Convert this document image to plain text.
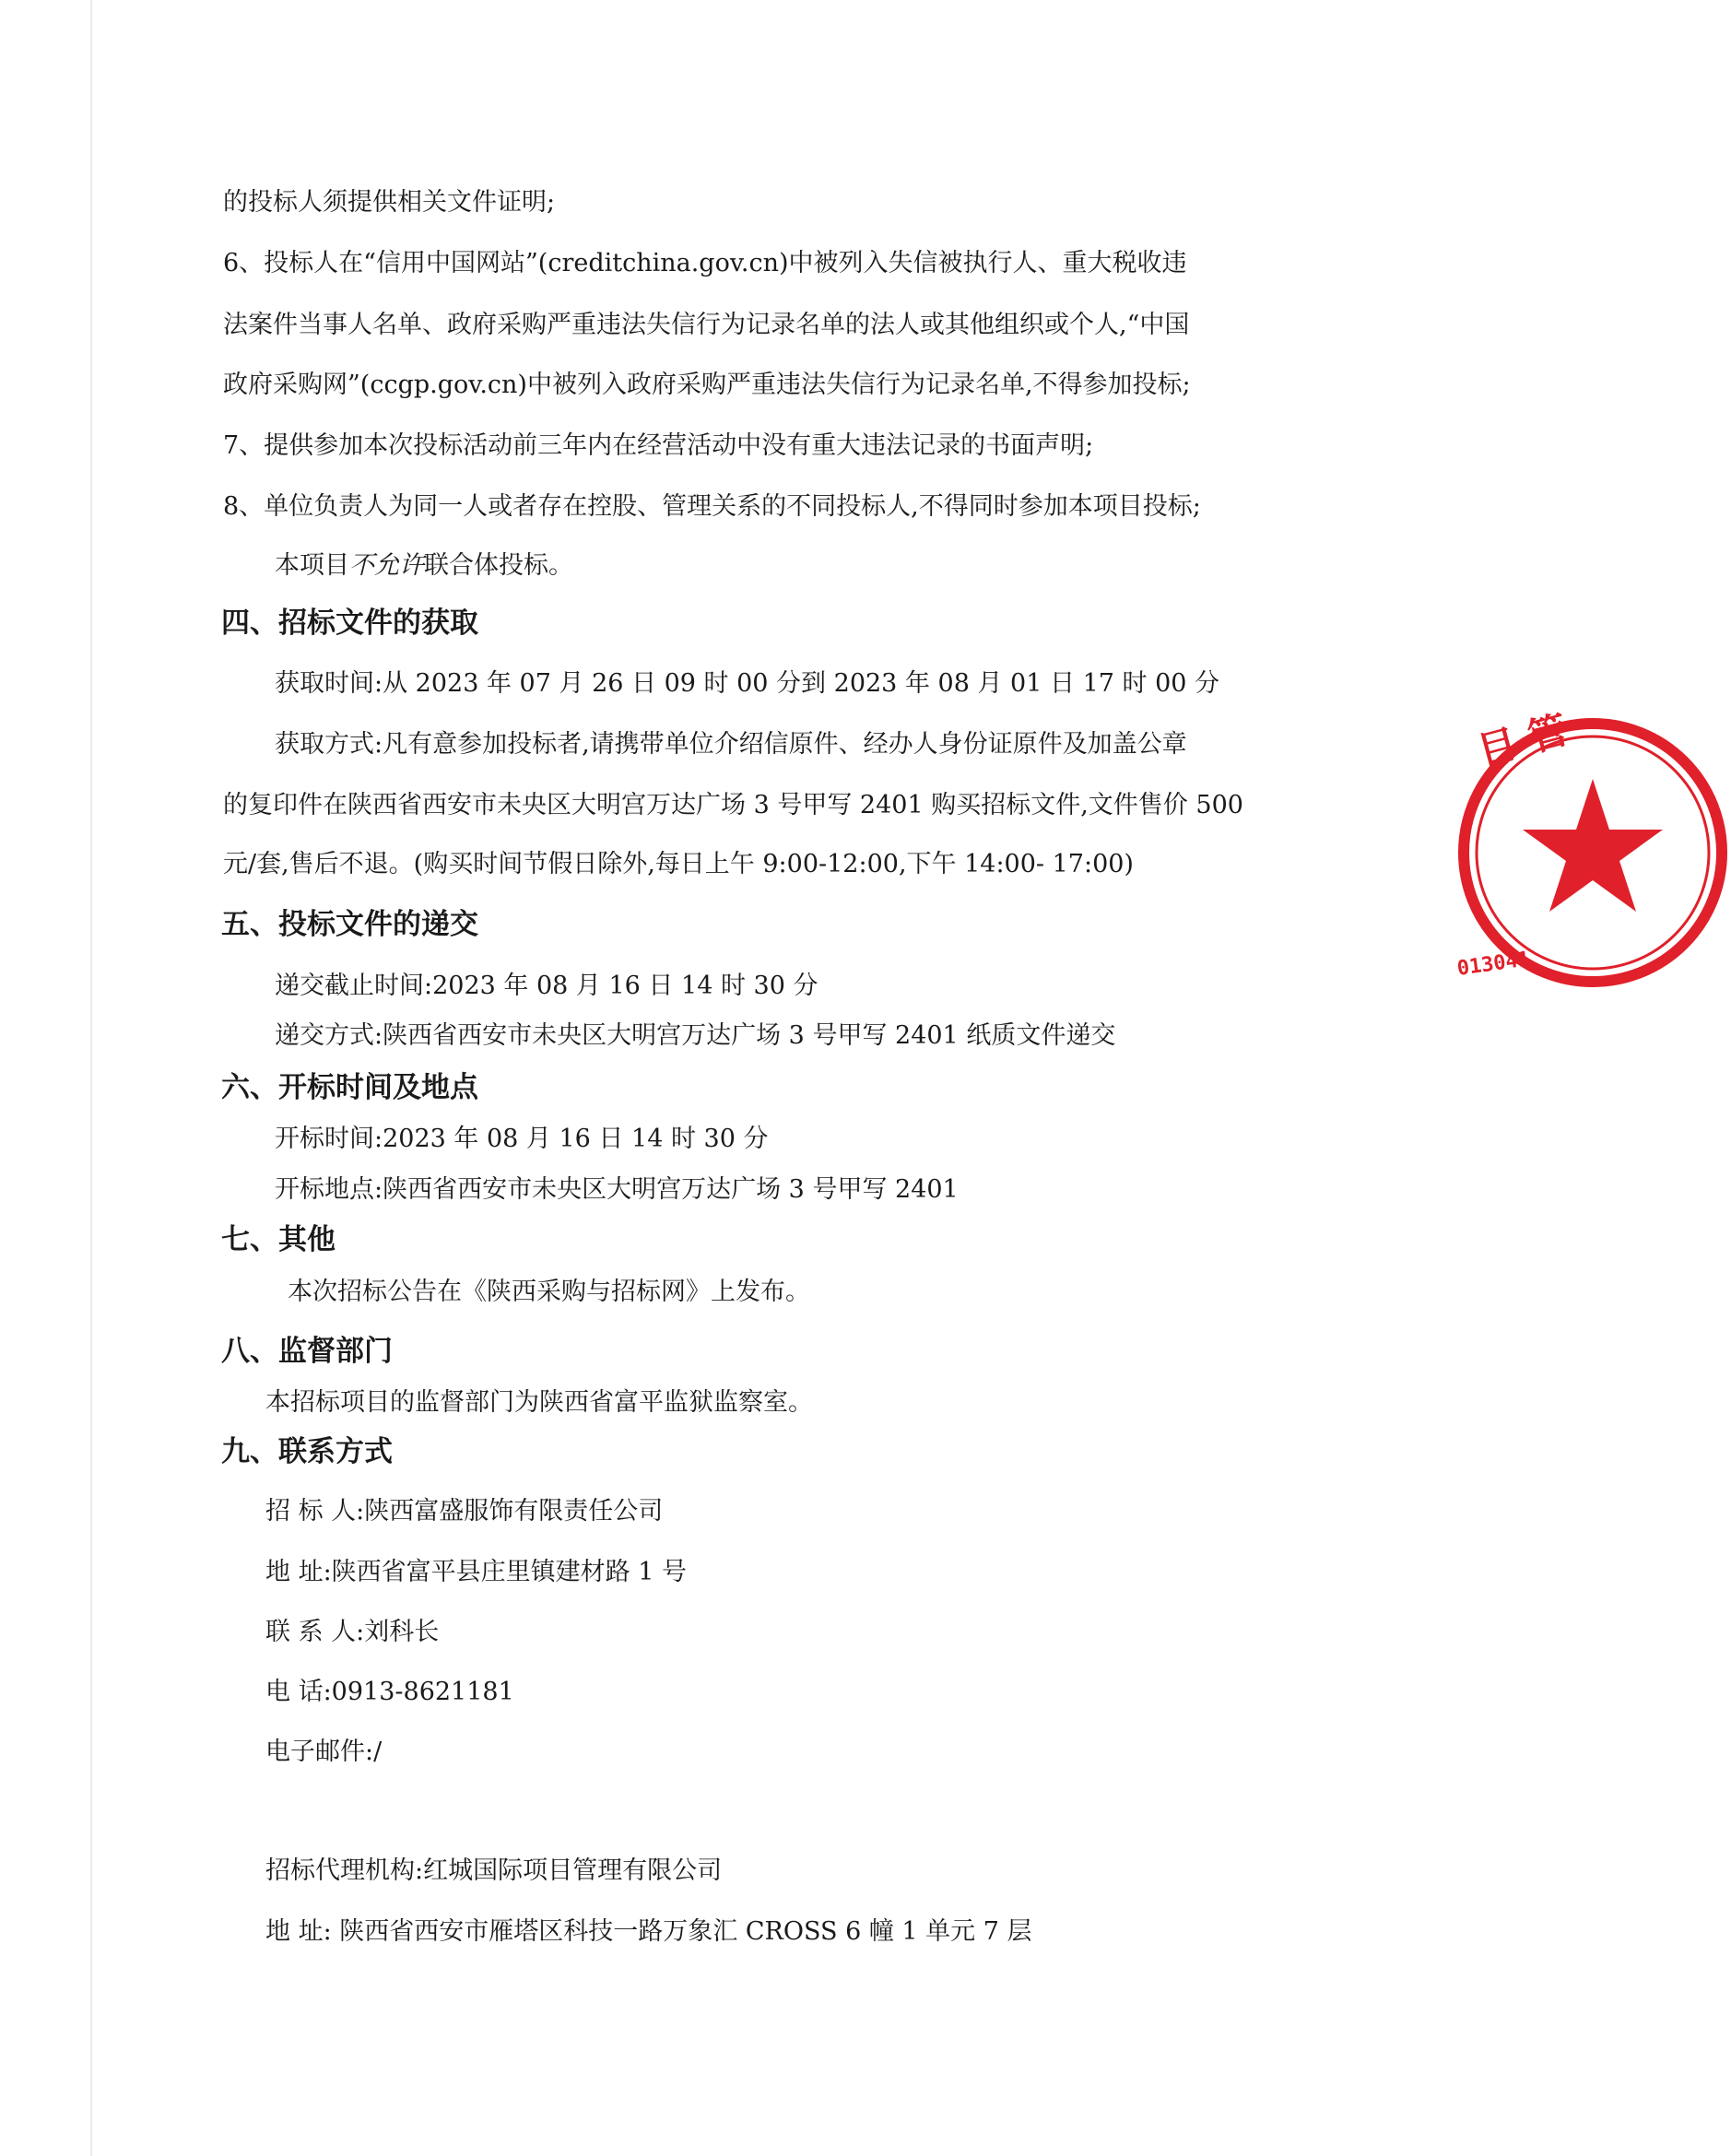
的投标人须提供相关文件证明;
6、投标人在“信用中国网站”(creditchina.gov.cn)中被列入失信被执行人、重大税收违
法案件当事人名单、政府采购严重违法失信行为记录名单的法人或其他组织或个人,“中国
政府采购网”(ccgp.gov.cn)中被列入政府采购严重违法失信行为记录名单,不得参加投标;
7、提供参加本次投标活动前三年内在经营活动中没有重大违法记录的书面声明;
8、单位负责人为同一人或者存在控股、管理关系的不同投标人,不得同时参加本项目投标;
本项目不允许联合体投标。
四、招标文件的获取
获取时间:从 2023 年 07 月 26 日 09 时 00 分到 2023 年 08 月 01 日 17 时 00 分
获取方式:凡有意参加投标者,请携带单位介绍信原件、经办人身份证原件及加盖公章
的复印件在陕西省西安市未央区大明宫万达广场 3 号甲写 2401 购买招标文件,文件售价 500
元/套,售后不退。(购买时间节假日除外,每日上午 9:00-12:00,下午 14:00- 17:00)
五、投标文件的递交
递交截止时间:2023 年 08 月 16 日 14 时 30 分
递交方式:陕西省西安市未央区大明宫万达广场 3 号甲写 2401 纸质文件递交
六、开标时间及地点
开标时间:2023 年 08 月 16 日 14 时 30 分
开标地点:陕西省西安市未央区大明宫万达广场 3 号甲写 2401
七、其他
本次招标公告在《陕西采购与招标网》上发布。
八、监督部门
本招标项目的监督部门为陕西省富平监狱监察室。
九、联系方式
招 标 人:陕西富盛服饰有限责任公司
地 址:陕西省富平县庄里镇建材路 1 号
联 系 人:刘科长
电 话:0913-8621181
电子邮件:/
招标代理机构:红城国际项目管理有限公司
地 址: 陕西省西安市雁塔区科技一路万象汇 CROSS 6 幢 1 单元 7 层
目 管
013041
